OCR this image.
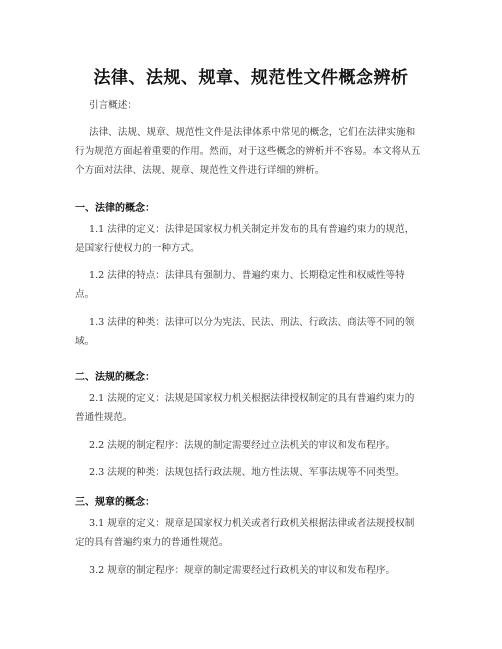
法律、法规、规章、规范性文件概念辨析

引言概述：

法律、法规、规章、规范性文件是法律体系中常见的概念，它们在法律实施和
行为规范方面起着重要的作用。然而，对于这些概念的辨析并不容易。本文将从五
个方面对法律、法规、规章、规范性文件进行详细的辨析。
一、法律的概念：
1.1 法律的定义：法律是国家权力机关制定并发布的具有普遍约束力的规范，
是国家行使权力的一种方式。
1.2 法律的特点：法律具有强制力、普遍约束力、长期稳定性和权威性等特
点。
1.3 法律的种类：法律可以分为宪法、民法、刑法、行政法、商法等不同的领
域。
二、法规的概念：
2.1 法规的定义：法规是国家权力机关根据法律授权制定的具有普遍约束力的
普通性规范。
2.2 法规的制定程序：法规的制定需要经过立法机关的审议和发布程序。
2.3 法规的种类：法规包括行政法规、地方性法规、军事法规等不同类型。
三、规章的概念：
3.1 规章的定义：规章是国家权力机关或者行政机关根据法律或者法规授权制
定的具有普遍约束力的普通性规范。
3.2 规章的制定程序：规章的制定需要经过行政机关的审议和发布程序。
